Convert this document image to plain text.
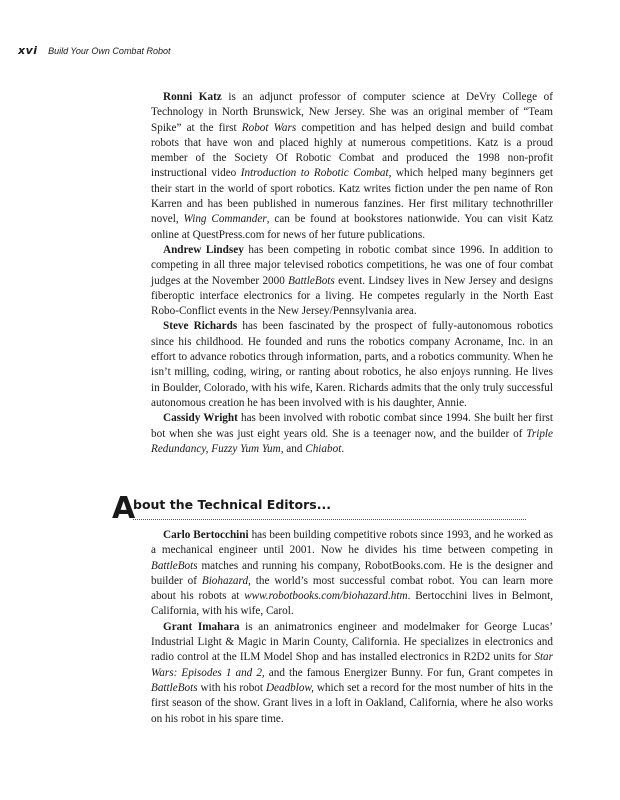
xvi Build Your Own Combat Robot

Ronni Katz is an adjunct professor of computer science at DeVry College of Technology in North Brunswick, New Jersey. She was an original member of “Team Spike” at the first Robot Wars competition and has helped design and build combat robots that have won and placed highly at numerous competitions. Katz is a proud member of the Society Of Robotic Combat and produced the 1998 non-profit instructional video Introduction to Robotic Combat, which helped many beginners get their start in the world of sport robotics. Katz writes fiction under the pen name of Ron Karren and has been published in numerous fanzines. Her first military technothriller novel, Wing Commander, can be found at bookstores nationwide. You can visit Katz online at QuestPress.com for news of her future publications.

Andrew Lindsey has been competing in robotic combat since 1996. In addition to competing in all three major televised robotics competitions, he was one of four combat judges at the November 2000 BattleBots event. Lindsey lives in New Jersey and designs fiberoptic interface electronics for a living. He competes regularly in the North East Robo-Conflict events in the New Jersey/Pennsylvania area.

Steve Richards has been fascinated by the prospect of fully-autonomous robotics since his childhood. He founded and runs the robotics company Acroname, Inc. in an effort to advance robotics through information, parts, and a robotics community. When he isn’t milling, coding, wiring, or ranting about robotics, he also enjoys running. He lives in Boulder, Colorado, with his wife, Karen. Richards admits that the only truly successful autonomous creation he has been involved with is his daughter, Annie.

Cassidy Wright has been involved with robotic combat since 1994. She built her first bot when she was just eight years old. She is a teenager now, and the builder of Triple Redundancy, Fuzzy Yum Yum, and Chiabot.

A
bout the Technical Editors...

Carlo Bertocchini has been building competitive robots since 1993, and he worked as a mechanical engineer until 2001. Now he divides his time between competing in BattleBots matches and running his company, RobotBooks.com. He is the designer and builder of Biohazard, the world’s most successful combat robot. You can learn more about his robots at www.robotbooks.com/biohazard.htm. Bertocchini lives in Belmont, California, with his wife, Carol.

Grant Imahara is an animatronics engineer and modelmaker for George Lucas’ Industrial Light & Magic in Marin County, California. He specializes in electronics and radio control at the ILM Model Shop and has installed electronics in R2D2 units for Star Wars: Episodes 1 and 2, and the famous Energizer Bunny. For fun, Grant competes in BattleBots with his robot Deadblow, which set a record for the most number of hits in the first season of the show. Grant lives in a loft in Oakland, California, where he also works on his robot in his spare time.
